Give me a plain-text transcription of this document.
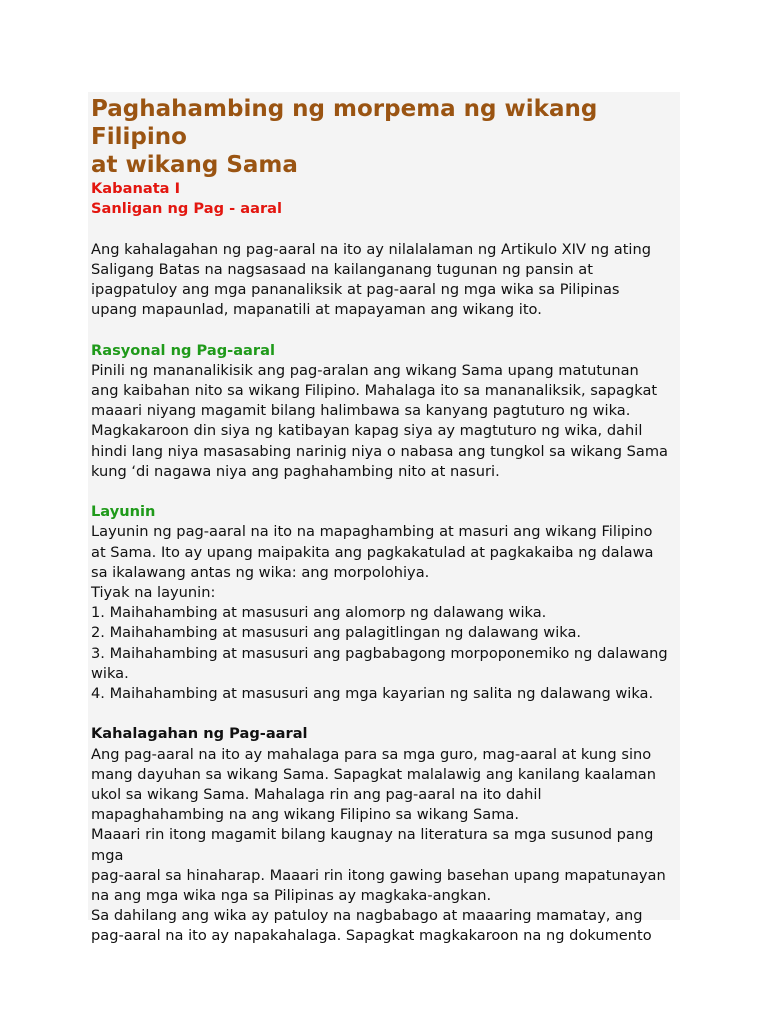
Paghahambing ng morpema ng wikang Filipino
at wikang Sama

Kabanata I

Sanligan ng Pag - aaral

Ang kahalagahan ng pag-aaral na ito ay nilalalaman ng Artikulo XIV ng ating

Saligang Batas na nagsasaad na kailanganang tugunan ng pansin at

ipagpatuloy ang mga pananaliksik at pag-aaral ng mga wika sa Pilipinas

upang mapaunlad, mapanatili at mapayaman ang wikang ito.

Rasyonal ng Pag-aaral

Pinili ng mananalikisik ang pag-aralan ang wikang Sama upang matutunan

ang kaibahan nito sa wikang Filipino. Mahalaga ito sa mananaliksik, sapagkat

maaari niyang magamit bilang halimbawa sa kanyang pagtuturo ng wika.

Magkakaroon din siya ng katibayan kapag siya ay magtuturo ng wika, dahil

hindi lang niya masasabing narinig niya o nabasa ang tungkol sa wikang Sama

kung ‘di nagawa niya ang paghahambing nito at nasuri.

Layunin

Layunin ng pag-aaral na ito na mapaghambing at masuri ang wikang Filipino

at Sama. Ito ay upang maipakita ang pagkakatulad at pagkakaiba ng dalawa

sa ikalawang antas ng wika: ang morpolohiya.

Tiyak na layunin:

1. Maihahambing at masusuri ang alomorp ng dalawang wika.

2. Maihahambing at masusuri ang palagitlingan ng dalawang wika.

3. Maihahambing at masusuri ang pagbabagong morpoponemiko ng dalawang

wika.

4. Maihahambing at masusuri ang mga kayarian ng salita ng dalawang wika.

Kahalagahan ng Pag-aaral

Ang pag-aaral na ito ay mahalaga para sa mga guro, mag-aaral at kung sino

mang dayuhan sa wikang Sama. Sapagkat malalawig ang kanilang kaalaman

ukol sa wikang Sama. Mahalaga rin ang pag-aaral na ito dahil

mapaghahambing na ang wikang Filipino sa wikang Sama.

Maaari rin itong magamit bilang kaugnay na literatura sa mga susunod pang

mga

pag-aaral sa hinaharap. Maaari rin itong gawing basehan upang mapatunayan

na ang mga wika nga sa Pilipinas ay magkaka-angkan.

Sa dahilang ang wika ay patuloy na nagbabago at maaaring mamatay, ang

pag-aaral na ito ay napakahalaga. Sapagkat magkakaroon na ng dokumento
